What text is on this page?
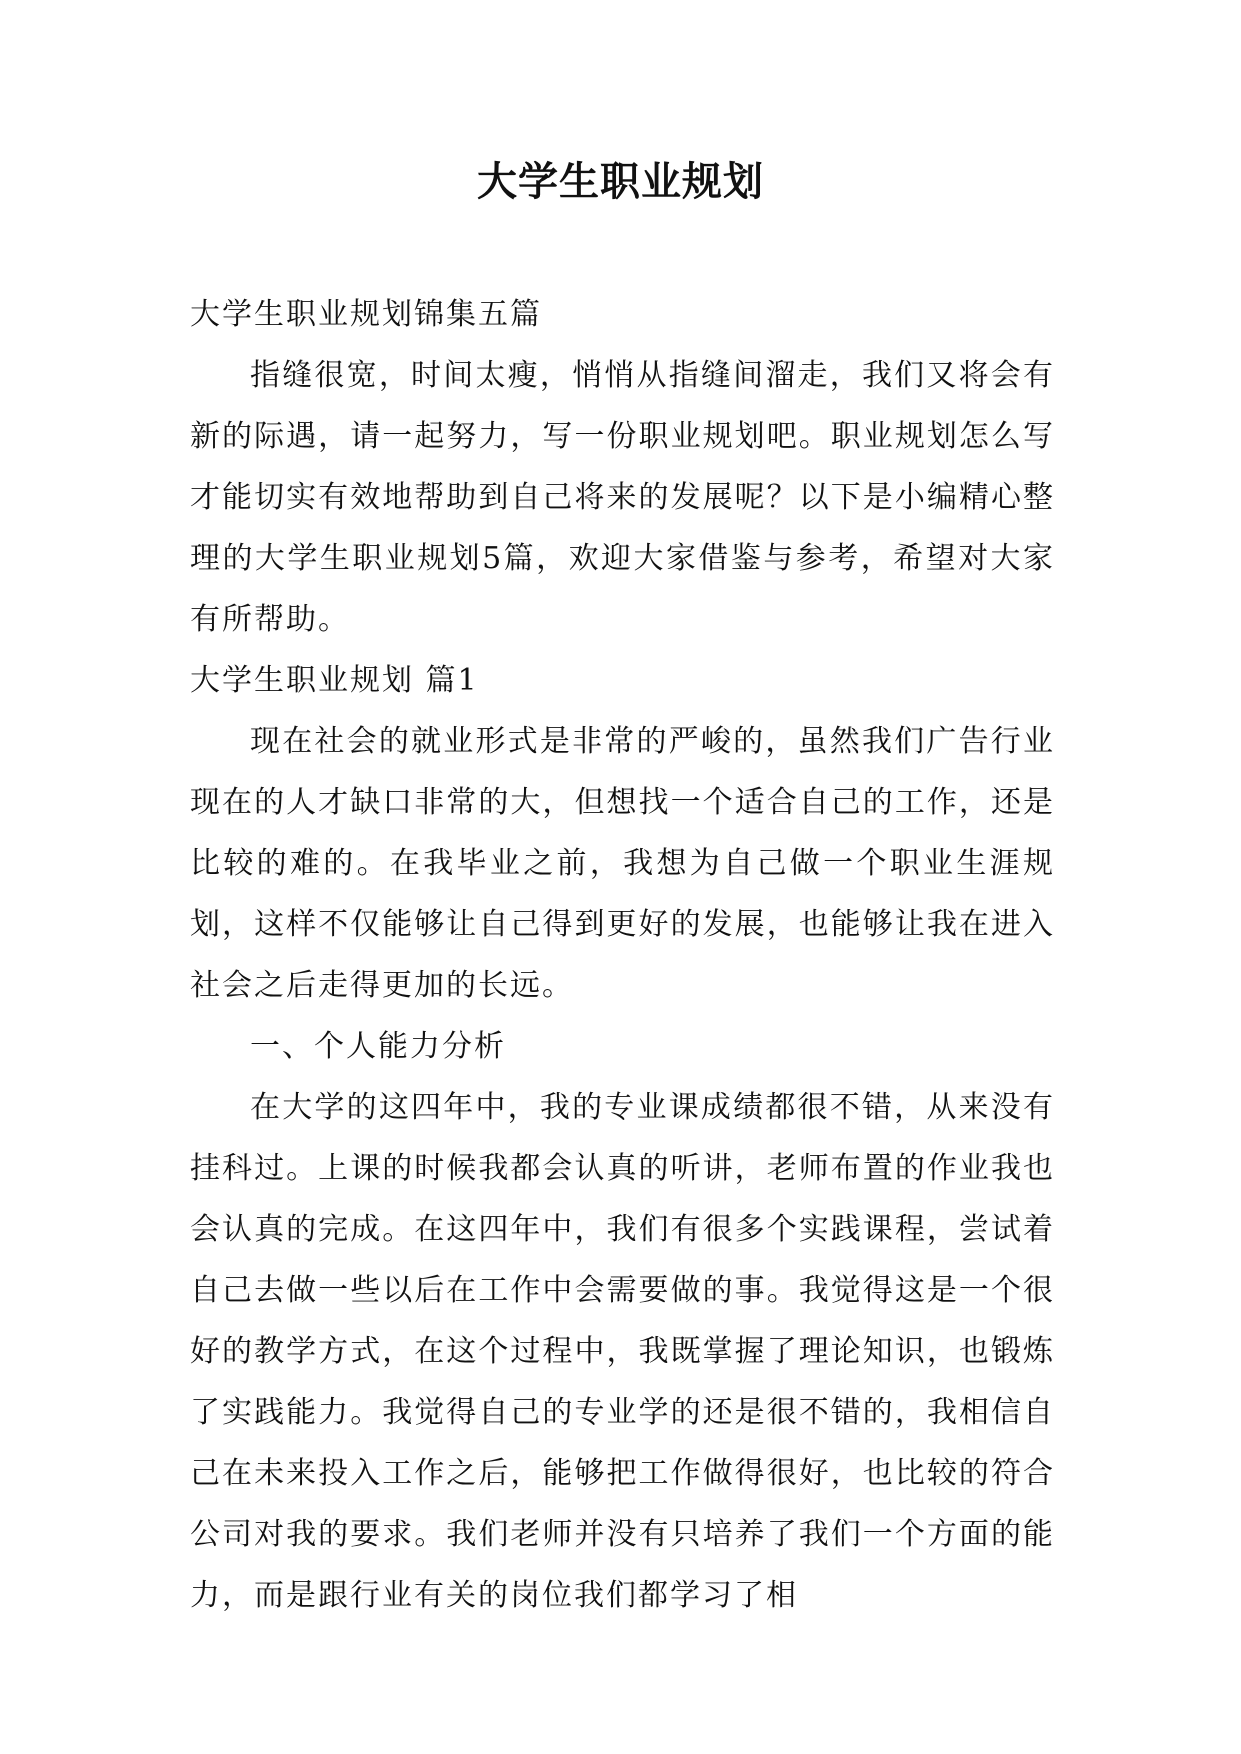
大学生职业规划

大学生职业规划锦集五篇

指缝很宽，时间太瘦，悄悄从指缝间溜走，我们又将会有新的际遇，请一起努力，写一份职业规划吧。职业规划怎么写才能切实有效地帮助到自己将来的发展呢？以下是小编精心整理的大学生职业规划5篇，欢迎大家借鉴与参考，希望对大家有所帮助。

大学生职业规划 篇1

现在社会的就业形式是非常的严峻的，虽然我们广告行业现在的人才缺口非常的大，但想找一个适合自己的工作，还是比较的难的。在我毕业之前，我想为自己做一个职业生涯规划，这样不仅能够让自己得到更好的发展，也能够让我在进入社会之后走得更加的长远。

一、个人能力分析

在大学的这四年中，我的专业课成绩都很不错，从来没有挂科过。上课的时候我都会认真的听讲，老师布置的作业我也会认真的完成。在这四年中，我们有很多个实践课程，尝试着自己去做一些以后在工作中会需要做的事。我觉得这是一个很好的教学方式，在这个过程中，我既掌握了理论知识，也锻炼了实践能力。我觉得自己的专业学的还是很不错的，我相信自己在未来投入工作之后，能够把工作做得很好，也比较的符合公司对我的要求。我们老师并没有只培养了我们一个方面的能力，而是跟行业有关的岗位我们都学习了相
